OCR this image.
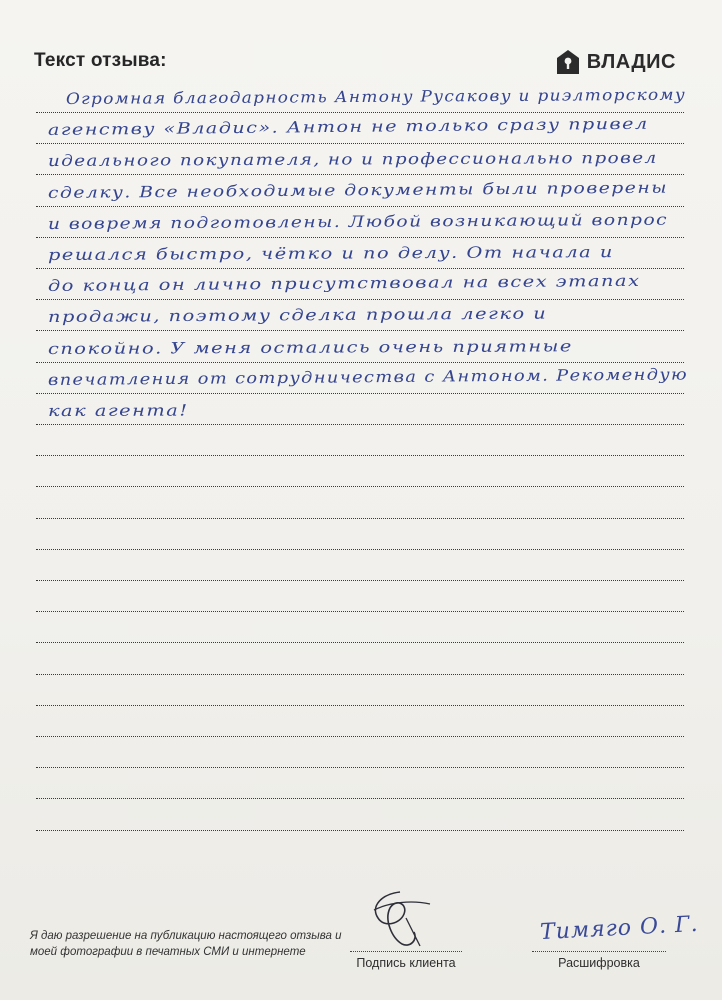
Текст отзыва:	ВЛАДИС
Огромная благодарность Антону Русакову и риэлторскому
агенству «Владис». Антон не только сразу привел
идеального покупателя, но и профессионально провел
сделку. Все необходимые документы были проверены
и вовремя подготовлены. Любой возникающий вопрос
решался быстро, чётко и по делу. От начала и
до конца он лично присутствовал на всех этапах
продажи, поэтому сделка прошла легко и
спокойно. У меня остались очень приятные
впечатления от сотрудничества с Антоном. Рекомендую
как агента!
Я даю разрешение на публикацию настоящего отзыва и моей фотографии в печатных СМИ и интернете
Подпись клиента
Тимяго О. Г.
Расшифровка
